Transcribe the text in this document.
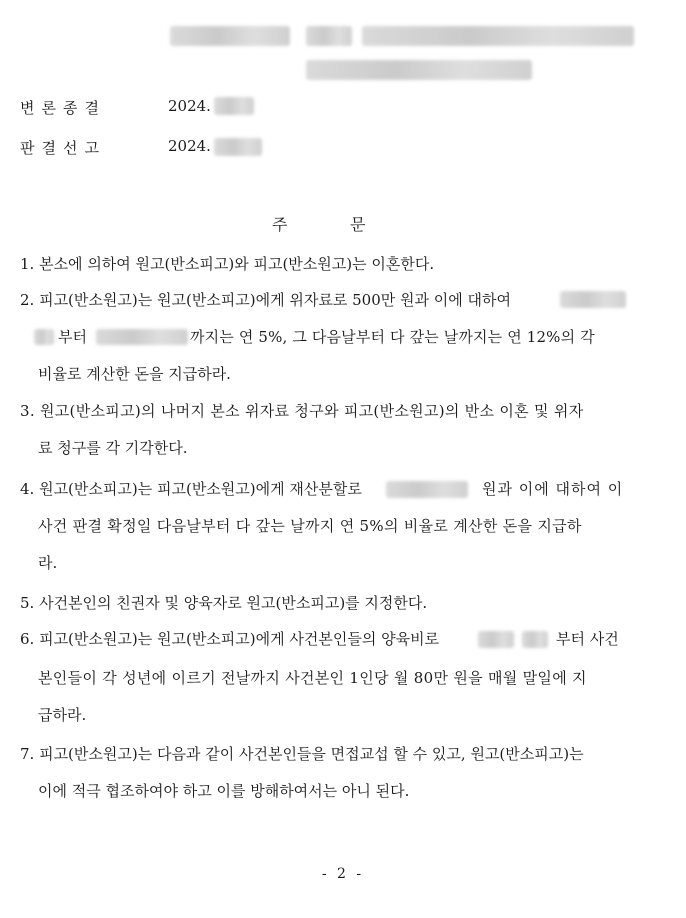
변론종결	2024.
판결선고	2024.
주	문
1. 본소에 의하여 원고(반소피고)와 피고(반소원고)는 이혼한다.
2. 피고(반소원고)는 원고(반소피고)에게 위자료로 500만 원과 이에 대하여
부터	까지는 연 5%, 그 다음날부터 다 갚는 날까지는 연 12%의 각
비율로 계산한 돈을 지급하라.
3. 원고(반소피고)의 나머지 본소 위자료 청구와 피고(반소원고)의 반소 이혼 및 위자
료 청구를 각 기각한다.
4. 원고(반소피고)는 피고(반소원고)에게 재산분할로	원과 이에 대하여 이
사건 판결 확정일 다음날부터 다 갚는 날까지 연 5%의 비율로 계산한 돈을 지급하
라.
5. 사건본인의 친권자 및 양육자로 원고(반소피고)를 지정한다.
6. 피고(반소원고)는 원고(반소피고)에게 사건본인들의 양육비로	부터 사건
본인들이 각 성년에 이르기 전날까지 사건본인 1인당 월 80만 원을 매월 말일에 지
급하라.
7. 피고(반소원고)는 다음과 같이 사건본인들을 면접교섭 할 수 있고, 원고(반소피고)는
이에 적극 협조하여야 하고 이를 방해하여서는 아니 된다.
- 2 -
